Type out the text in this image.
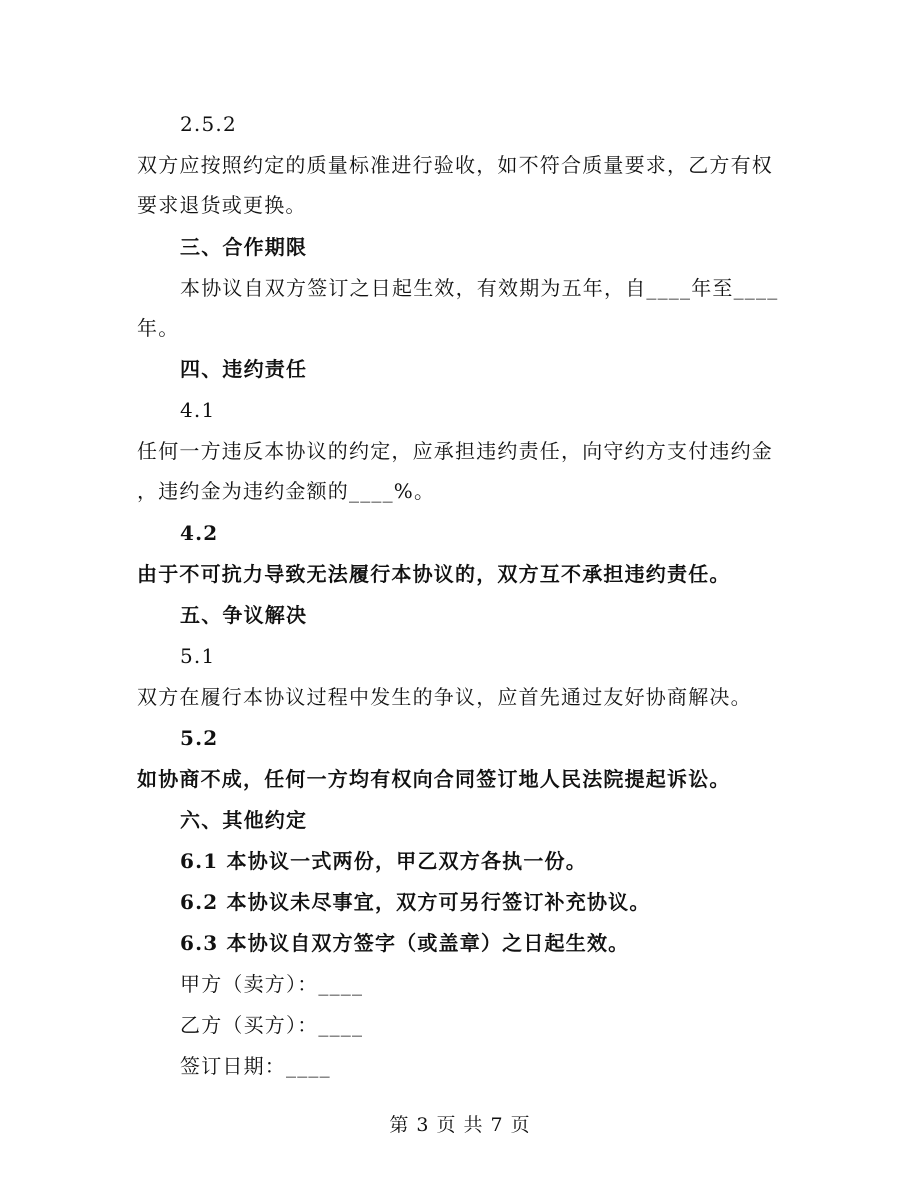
2.5.2
双方应按照约定的质量标准进行验收，如不符合质量要求，乙方有权
要求退货或更换。
三、合作期限
本协议自双方签订之日起生效，有效期为五年，自____年至____
年。
四、违约责任
4.1
任何一方违反本协议的约定，应承担违约责任，向守约方支付违约金
，违约金为违约金额的____%。
4.2
由于不可抗力导致无法履行本协议的，双方互不承担违约责任。
五、争议解决
5.1
双方在履行本协议过程中发生的争议，应首先通过友好协商解决。
5.2
如协商不成，任何一方均有权向合同签订地人民法院提起诉讼。
六、其他约定
6.1 本协议一式两份，甲乙双方各执一份。
6.2 本协议未尽事宜，双方可另行签订补充协议。
6.3 本协议自双方签字（或盖章）之日起生效。
甲方（卖方）：____
乙方（买方）：____
签订日期：____
第 3 页 共 7 页
